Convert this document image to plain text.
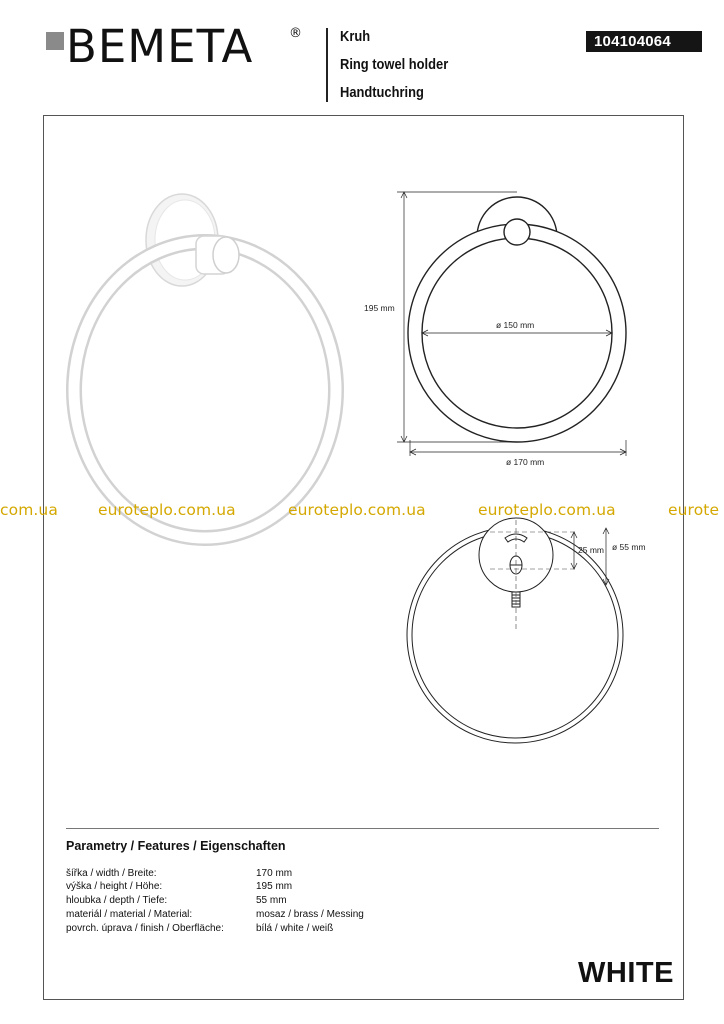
BEMETA	®	Kruh
Ring towel holder
Handtuchring
104104064
195 mm
ø 150 mm
ø 170 mm
25 mm ø 55 mm
com.ua	euroteplo.com.ua	euroteplo.com.ua	euroteplo.com.ua	eurote
Parametry / Features / Eigenschaften
šířka / width / Breite:	170 mm
výška / height / Höhe:	195 mm
hloubka / depth / Tiefe:	55 mm
materiál / material / Material:	mosaz / brass / Messing
povrch. úprava / finish / Oberfläche:	bílá / white / weiß
WHITE
